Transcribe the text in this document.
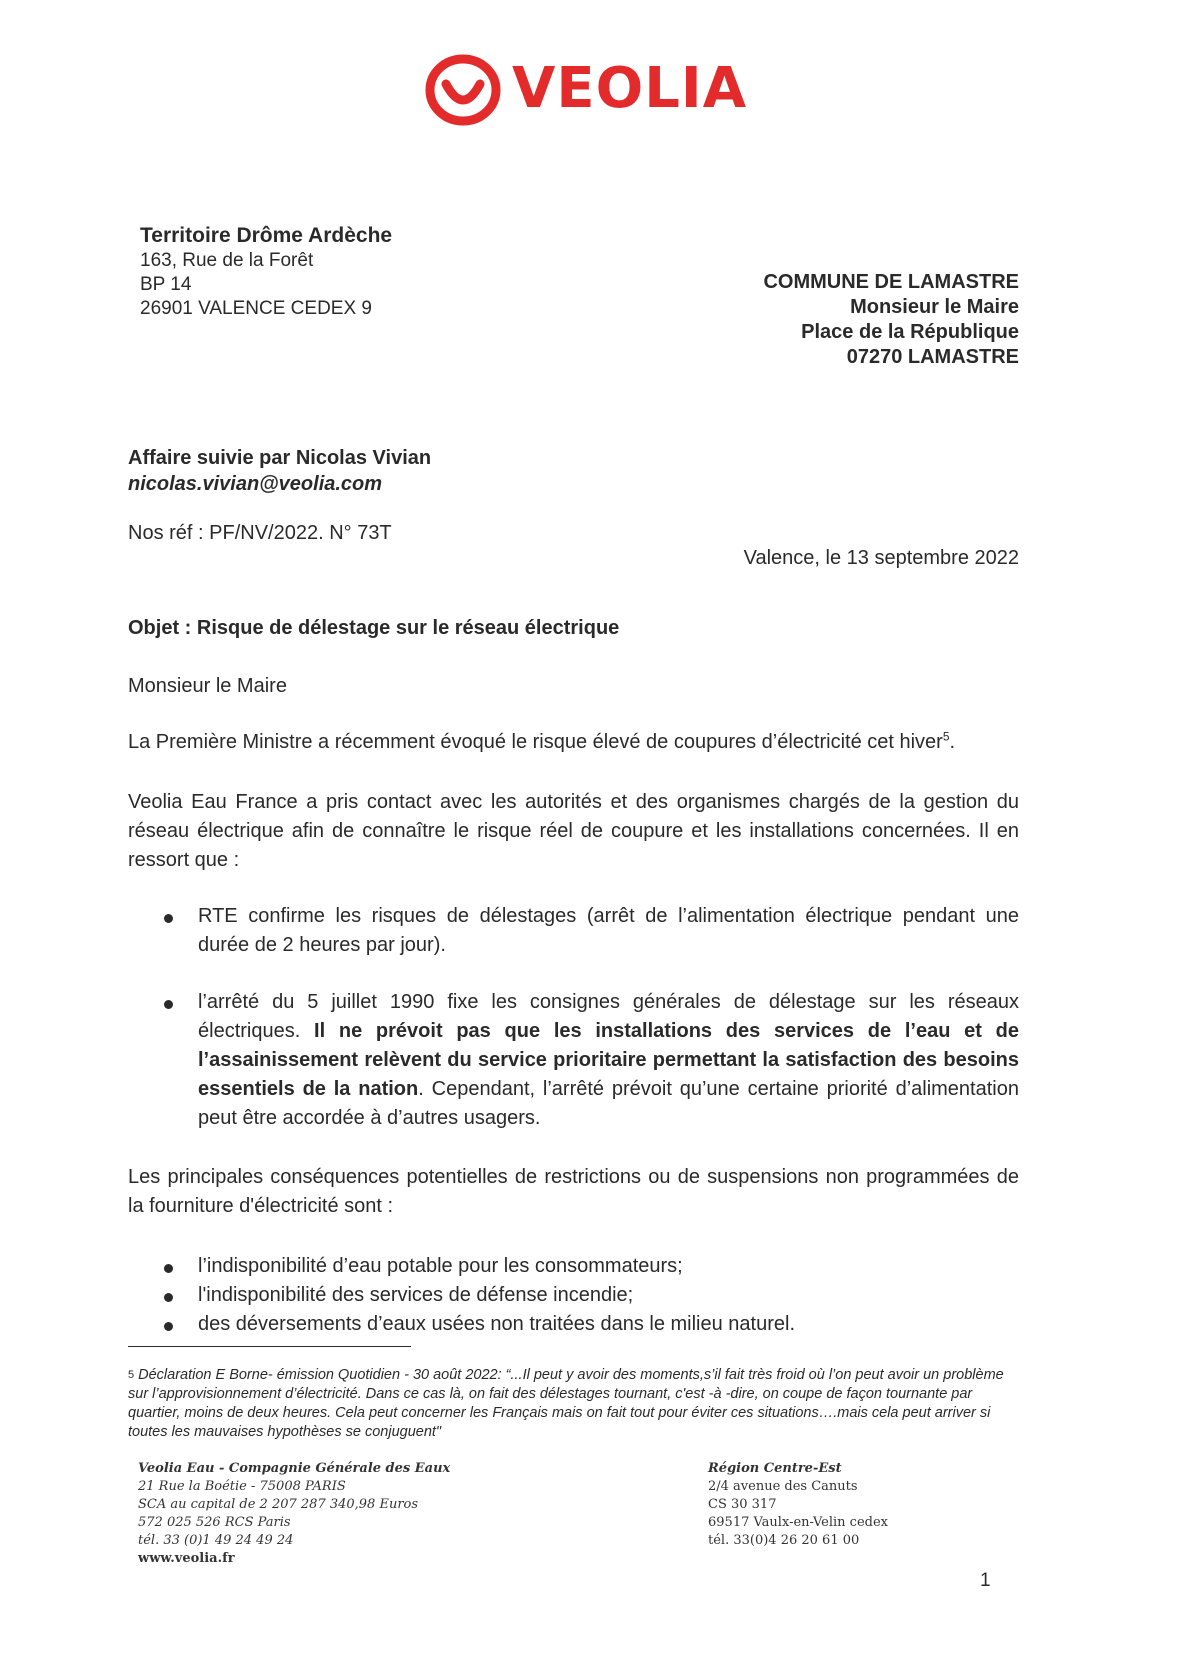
VEOLIA
Territoire Drôme Ardèche
163, Rue de la Forêt
BP 14
26901 VALENCE CEDEX 9
COMMUNE DE LAMASTRE
Monsieur le Maire
Place de la République
07270 LAMASTRE
Affaire suivie par Nicolas Vivian
nicolas.vivian@veolia.com
Nos réf : PF/NV/2022. N° 73T
Valence, le 13 septembre 2022
Objet : Risque de délestage sur le réseau électrique
Monsieur le Maire
La Première Ministre a récemment évoqué le risque élevé de coupures d’électricité cet hiver$^5$.
Veolia Eau France a pris contact avec les autorités et des organismes chargés de la gestion du réseau électrique afin de connaître le risque réel de coupure et les installations concernées. Il en ressort que :
RTE confirme les risques de délestages (arrêt de l’alimentation électrique pendant une durée de 2 heures par jour).
l’arrêté du 5 juillet 1990 fixe les consignes générales de délestage sur les réseaux électriques. Il ne prévoit pas que les installations des services de l’eau et de l’assainissement relèvent du service prioritaire permettant la satisfaction des besoins essentiels de la nation. Cependant, l’arrêté prévoit qu’une certaine priorité d’alimentation peut être accordée à d’autres usagers.
Les principales conséquences potentielles de restrictions ou de suspensions non programmées de la fourniture d'électricité sont :
l’indisponibilité d’eau potable pour les consommateurs;
l'indisponibilité des services de défense incendie;
des déversements d’eaux usées non traitées dans le milieu naturel.
$^5$ Déclaration E Borne- émission Quotidien - 30 août 2022: “...Il peut y avoir des moments,s’il fait très froid où l’on peut avoir un problème sur l’approvisionnement d’électricité. Dans ce cas là, on fait des délestages tournant, c'est -à -dire, on coupe de façon tournante par quartier, moins de deux heures. Cela peut concerner les Français mais on fait tout pour éviter ces situations….mais cela peut arriver si toutes les mauvaises hypothèses se conjuguent"
Veolia Eau - Compagnie Générale des Eaux
21 Rue la Boétie - 75008 PARIS
SCA au capital de 2 207 287 340,98 Euros
572 025 526 RCS Paris
tél. 33 (0)1 49 24 49 24
www.veolia.fr
Région Centre-Est
2/4 avenue des Canuts
CS 30 317
69517 Vaulx-en-Velin cedex
tél. 33(0)4 26 20 61 00
1
